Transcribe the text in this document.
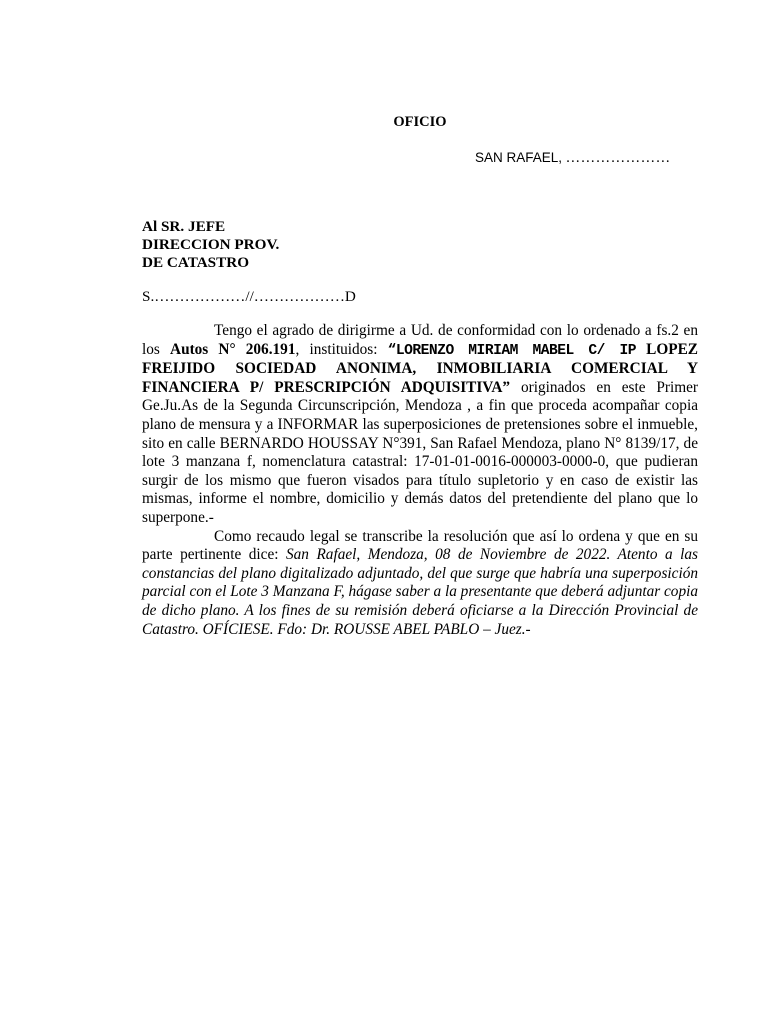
OFICIO
SAN RAFAEL, …………………
Al SR. JEFE
DIRECCION PROV.
DE CATASTRO
S.………………//………………D

Tengo el agrado de dirigirme a Ud. de conformidad con lo ordenado a fs.2 en los Autos N° 206.191, instituidos: “LORENZO MIRIAM MABEL C/ IP LOPEZ FREIJIDO SOCIEDAD ANONIMA, INMOBILIARIA COMERCIAL Y FINANCIERA P/ PRESCRIPCIÓN ADQUISITIVA” originados en este Primer Ge.Ju.As de la Segunda Circunscripción, Mendoza , a fin que proceda acompañar copia plano de mensura y a INFORMAR las superposiciones de pretensiones sobre el inmueble, sito en calle BERNARDO HOUSSAY N°391, San Rafael Mendoza, plano N° 8139/17, de lote 3 manzana f, nomenclatura catastral: 17-01-01-0016-000003-0000-0, que pudieran surgir de los mismo que fueron visados para título supletorio y en caso de existir las mismas, informe el nombre, domicilio y demás datos del pretendiente del plano que lo superpone.-

Como recaudo legal se transcribe la resolución que así lo ordena y que en su parte pertinente dice: San Rafael, Mendoza, 08 de Noviembre de 2022. Atento a las constancias del plano digitalizado adjuntado, del que surge que habría una superposición parcial con el Lote 3 Manzana F, hágase saber a la presentante que deberá adjuntar copia de dicho plano. A los fines de su remisión deberá oficiarse a la Dirección Provincial de Catastro. OFÍCIESE. Fdo: Dr. ROUSSE ABEL PABLO – Juez.-
